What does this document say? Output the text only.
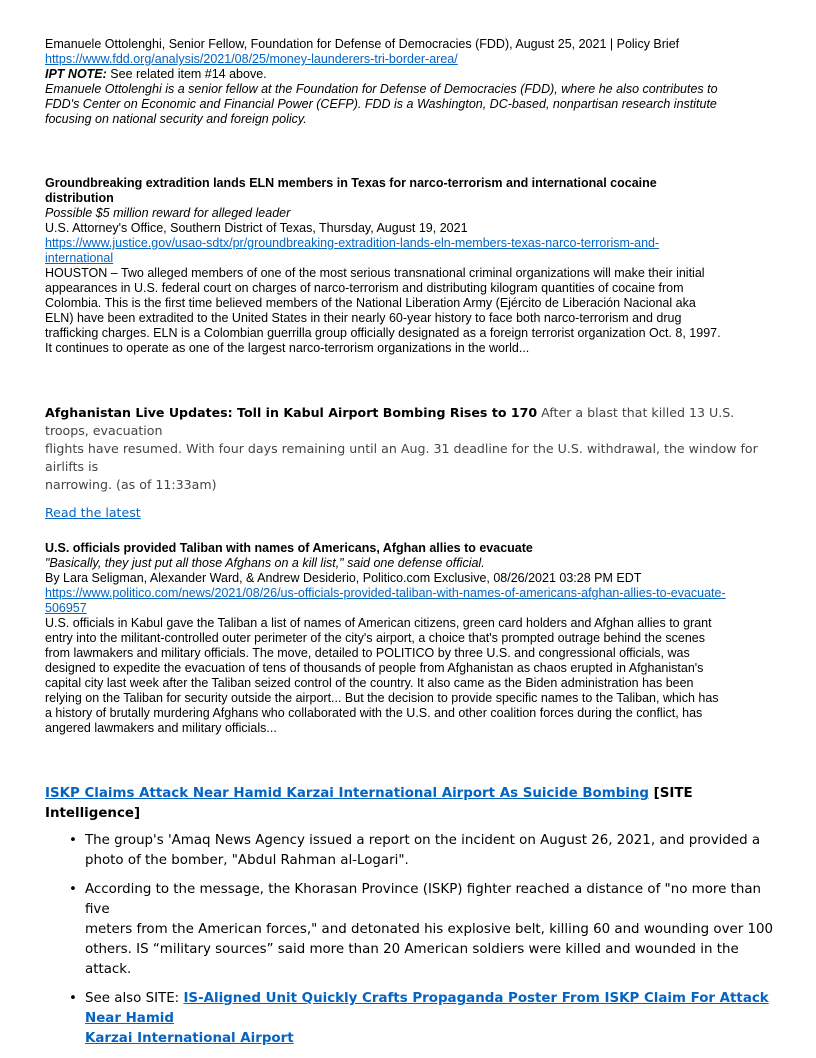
Emanuele Ottolenghi, Senior Fellow, Foundation for Defense of Democracies (FDD), August 25, 2021 | Policy Brief
https://www.fdd.org/analysis/2021/08/25/money-launderers-tri-border-area/
IPT NOTE: See related item #14 above.
Emanuele Ottolenghi is a senior fellow at the Foundation for Defense of Democracies (FDD), where he also contributes to
FDD's Center on Economic and Financial Power (CEFP). FDD is a Washington, DC-based, nonpartisan research institute
focusing on national security and foreign policy.
Groundbreaking extradition lands ELN members in Texas for narco-terrorism and international cocaine
distribution
Possible $5 million reward for alleged leader
U.S. Attorney's Office, Southern District of Texas, Thursday, August 19, 2021
https://www.justice.gov/usao-sdtx/pr/groundbreaking-extradition-lands-eln-members-texas-narco-terrorism-and-
international
HOUSTON – Two alleged members of one of the most serious transnational criminal organizations will make their initial
appearances in U.S. federal court on charges of narco-terrorism and distributing kilogram quantities of cocaine from
Colombia. This is the first time believed members of the National Liberation Army (Ejército de Liberación Nacional aka
ELN) have been extradited to the United States in their nearly 60-year history to face both narco-terrorism and drug
trafficking charges. ELN is a Colombian guerrilla group officially designated as a foreign terrorist organization Oct. 8, 1997.
It continues to operate as one of the largest narco-terrorism organizations in the world...
Afghanistan Live Updates: Toll in Kabul Airport Bombing Rises to 170 After a blast that killed 13 U.S. troops, evacuation
flights have resumed. With four days remaining until an Aug. 31 deadline for the U.S. withdrawal, the window for airlifts is
narrowing. (as of 11:33am)
Read the latest
U.S. officials provided Taliban with names of Americans, Afghan allies to evacuate
"Basically, they just put all those Afghans on a kill list," said one defense official.
By Lara Seligman, Alexander Ward, & Andrew Desiderio, Politico.com Exclusive, 08/26/2021 03:28 PM EDT
https://www.politico.com/news/2021/08/26/us-officials-provided-taliban-with-names-of-americans-afghan-allies-to-evacuate-
506957
U.S. officials in Kabul gave the Taliban a list of names of American citizens, green card holders and Afghan allies to grant
entry into the militant-controlled outer perimeter of the city's airport, a choice that's prompted outrage behind the scenes
from lawmakers and military officials. The move, detailed to POLITICO by three U.S. and congressional officials, was
designed to expedite the evacuation of tens of thousands of people from Afghanistan as chaos erupted in Afghanistan's
capital city last week after the Taliban seized control of the country. It also came as the Biden administration has been
relying on the Taliban for security outside the airport... But the decision to provide specific names to the Taliban, which has
a history of brutally murdering Afghans who collaborated with the U.S. and other coalition forces during the conflict, has
angered lawmakers and military officials...
ISKP Claims Attack Near Hamid Karzai International Airport As Suicide Bombing [SITE Intelligence]
• The group's 'Amaq News Agency issued a report on the incident on August 26, 2021, and provided a
photo of the bomber, "Abdul Rahman al-Logari".
• According to the message, the Khorasan Province (ISKP) fighter reached a distance of "no more than five
meters from the American forces," and detonated his explosive belt, killing 60 and wounding over 100
others. IS “military sources” said more than 20 American soldiers were killed and wounded in the attack.
• See also SITE: IS-Aligned Unit Quickly Crafts Propaganda Poster From ISKP Claim For Attack Near Hamid
Karzai International Airport
